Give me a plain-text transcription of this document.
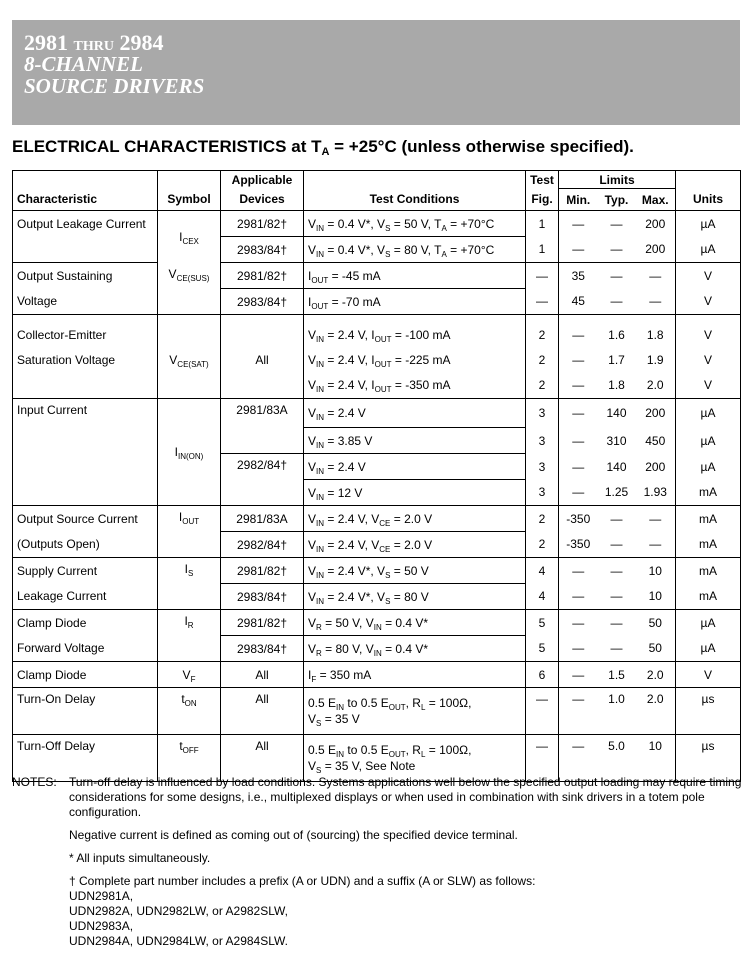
2981 THRU 2984
8-CHANNEL
SOURCE DRIVERS
ELECTRICAL CHARACTERISTICS at $T_A = +25^\circ C$ (unless otherwise specified).
		Applicable		Test	Limits			
Characteristic	Symbol	Devices	Test Conditions	Fig.	Min.	Typ.	Max.	Units
Output Leakage Current	$I_{CEX}$	2981/82†	$V_{IN} = 0.4$ V*, $V_S = 50$ V, $T_A = +70^\circ C$	1	—	—	200	µA
		2983/84†	$V_{IN} = 0.4$ V*, $V_S = 80$ V, $T_A = +70^\circ C$	1	—	—	200	µA
Output Sustaining	$V_{CE(SUS)}$	2981/82†	$I_{OUT} = -45$ mA	—	35	—	—	V
Voltage		2983/84†	$I_{OUT} = -70$ mA	—	45	—	—	V

Collector-Emitter	$V_{CE(SAT)}$	All	$V_{IN} = 2.4$ V, $I_{OUT} = -100$ mA	2	—	1.6	1.8	V
Saturation Voltage			$V_{IN} = 2.4$ V, $I_{OUT} = -225$ mA	2	—	1.7	1.9	V
			$V_{IN} = 2.4$ V, $I_{OUT} = -350$ mA	2	—	1.8	2.0	V
Input Current	$I_{IN(ON)}$	2981/83A	$V_{IN} = 2.4$ V	3	—	140	200	µA
			$V_{IN} = 3.85$ V	3	—	310	450	µA
		2982/84†	$V_{IN} = 2.4$ V	3	—	140	200	µA
			$V_{IN} = 12$ V	3	—	1.25	1.93	mA
Output Source Current	$I_{OUT}$	2981/83A	$V_{IN} = 2.4$ V, $V_{CE} = 2.0$ V	2	-350	—	—	mA
(Outputs Open)		2982/84†	$V_{IN} = 2.4$ V, $V_{CE} = 2.0$ V	2	-350	—	—	mA
Supply Current	$I_S$	2981/82†	$V_{IN} = 2.4$ V*, $V_S = 50$ V	4	—	—	10	mA
Leakage Current		2983/84†	$V_{IN} = 2.4$ V*, $V_S = 80$ V	4	—	—	10	mA
Clamp Diode	$I_R$	2981/82†	$V_R = 50$ V, $V_{IN} = 0.4$ V*	5	—	—	50	µA
Forward Voltage		2983/84†	$V_R = 80$ V, $V_{IN} = 0.4$ V*	5	—	—	50	µA
Clamp Diode	$V_F$	All	$I_F = 350$ mA	6	—	1.5	2.0	V
Turn-On Delay	$t_{ON}$	All	0.5 $E_{IN}$ to 0.5 $E_{OUT}$, $R_L = 100\Omega$,
$V_S = 35$ V	—	—	1.0	2.0	µs
Turn-Off Delay	$t_{OFF}$	All	0.5 $E_{IN}$ to 0.5 $E_{OUT}$, $R_L = 100\Omega$,
$V_S = 35$ V, See Note	—	—	5.0	10	µs
NOTES: Turn-off delay is influenced by load conditions. Systems applications well below the specified output loading may require timing considerations for some designs, i.e., multiplexed displays or when used in combination with sink drivers in a totem pole configuration.

Negative current is defined as coming out of (sourcing) the specified device terminal.

* All inputs simultaneously.

† Complete part number includes a prefix (A or UDN) and a suffix (A or SLW) as follows:
UDN2981A,
UDN2982A, UDN2982LW, or A2982SLW,
UDN2983A,
UDN2984A, UDN2984LW, or A2984SLW.
